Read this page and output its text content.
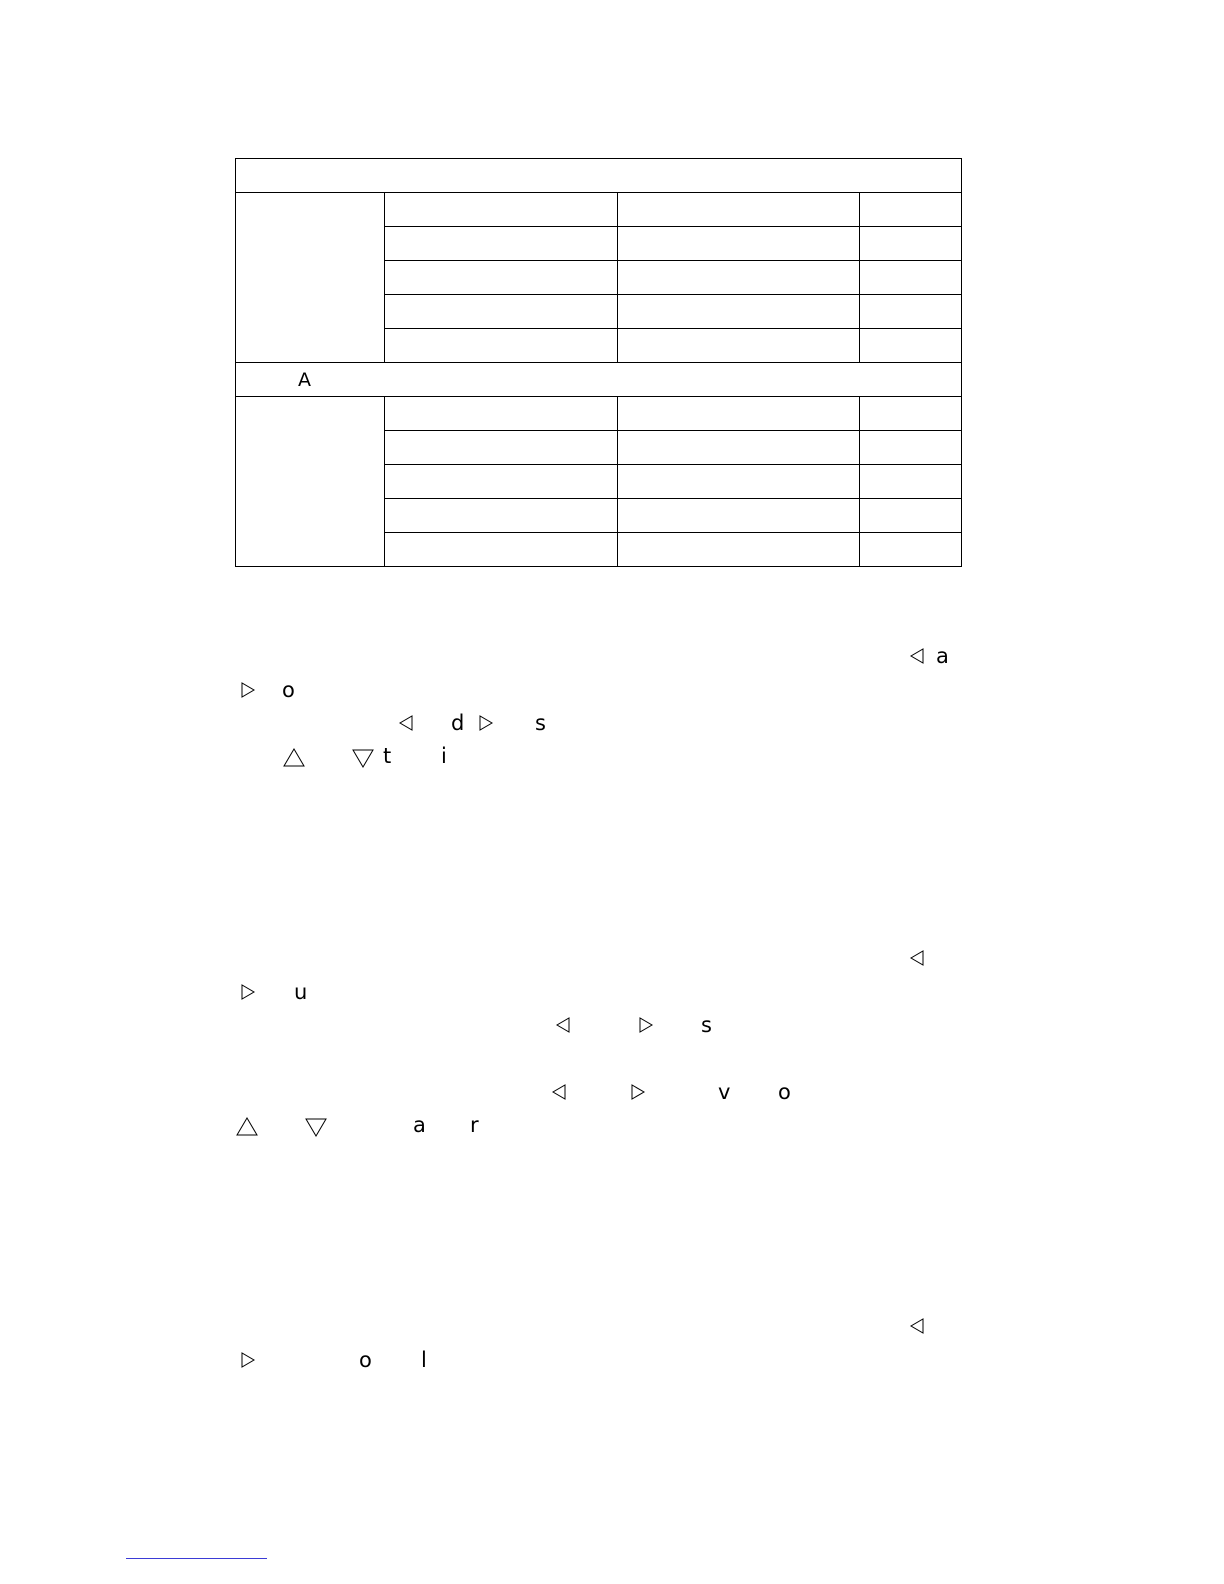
A			

a
o
d	s
t i
u
s
v o
a r
o l
